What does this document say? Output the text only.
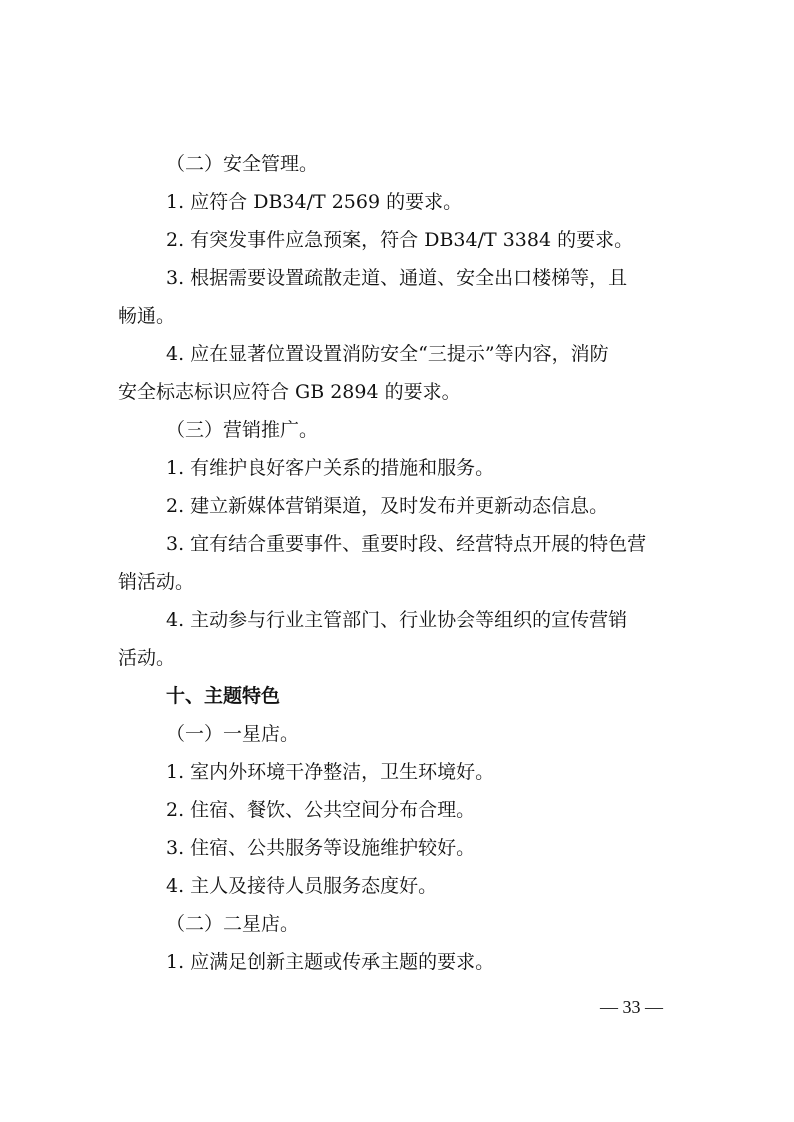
（二）安全管理。
1. 应符合 DB34/T 2569 的要求。
2. 有突发事件应急预案，符合 DB34/T 3384 的要求。
3. 根据需要设置疏散走道、通道、安全出口楼梯等，且
畅通。
4. 应在显著位置设置消防安全“三提示”等内容，消防
安全标志标识应符合 GB 2894 的要求。
（三）营销推广。
1. 有维护良好客户关系的措施和服务。
2. 建立新媒体营销渠道，及时发布并更新动态信息。
3. 宜有结合重要事件、重要时段、经营特点开展的特色营
销活动。
4. 主动参与行业主管部门、行业协会等组织的宣传营销
活动。
十、主题特色
（一）一星店。
1. 室内外环境干净整洁，卫生环境好。
2. 住宿、餐饮、公共空间分布合理。
3. 住宿、公共服务等设施维护较好。
4. 主人及接待人员服务态度好。
（二）二星店。
1. 应满足创新主题或传承主题的要求。
— 33 —
